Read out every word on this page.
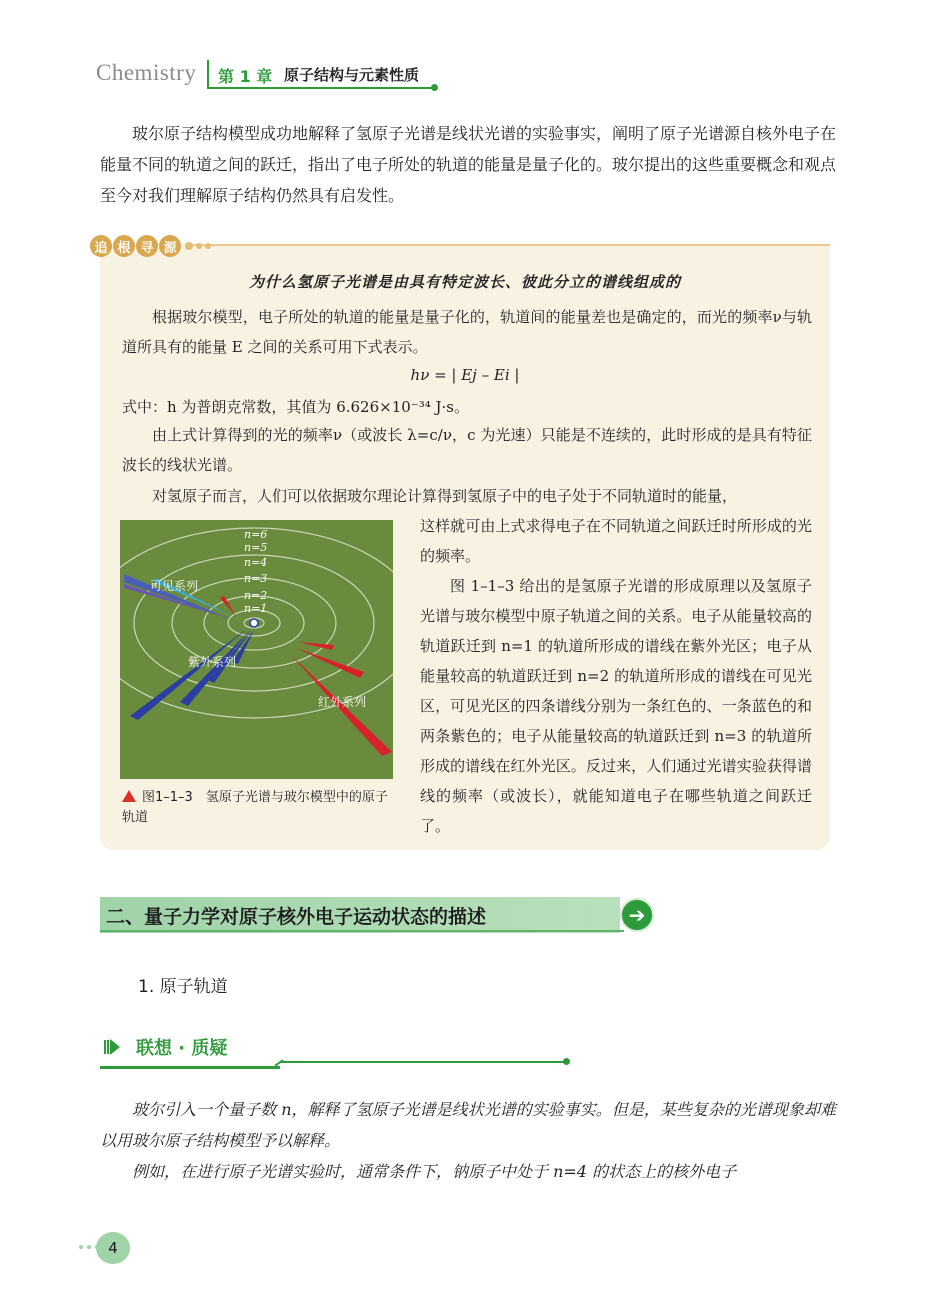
Chemistry 第 1 章 原子结构与元素性质
玻尔原子结构模型成功地解释了氢原子光谱是线状光谱的实验事实，阐明了原子光谱源自核外电子在能量不同的轨道之间的跃迁，指出了电子所处的轨道的能量是量子化的。玻尔提出的这些重要概念和观点至今对我们理解原子结构仍然具有启发性。
追 根 寻 源
为什么氢原子光谱是由具有特定波长、彼此分立的谱线组成的
根据玻尔模型，电子所处的轨道的能量是量子化的，轨道间的能量差也是确定的，而光的频率ν与轨道所具有的能量 E 之间的关系可用下式表示。
hν = | Ej – Ei |
式中：h 为普朗克常数，其值为 6.626×10⁻³⁴ J·s。
由上式计算得到的光的频率ν（或波长 λ=c/ν，c 为光速）只能是不连续的，此时形成的是具有特征波长的线状光谱。
对氢原子而言，人们可以依据玻尔理论计算得到氢原子中的电子处于不同轨道时的能量，
这样就可由上式求得电子在不同轨道之间跃迁时所形成的光的频率。
图 1–1–3 给出的是氢原子光谱的形成原理以及氢原子光谱与玻尔模型中原子轨道之间的关系。电子从能量较高的轨道跃迁到 n=1 的轨道所形成的谱线在紫外光区；电子从能量较高的轨道跃迁到 n=2 的轨道所形成的谱线在可见光区，可见光区的四条谱线分别为一条红色的、一条蓝色的和两条紫色的；电子从能量较高的轨道跃迁到 n=3 的轨道所形成的谱线在红外光区。反过来，人们通过光谱实验获得谱线的频率（或波长），就能知道电子在哪些轨道之间跃迁了。
n=6
n=5
n=4
n=3
n=2
n=1
可见系列
紫外系列
红外系列
图1–1–3　氢原子光谱与玻尔模型中的原子轨道
二、量子力学对原子核外电子运动状态的描述	➔
1. 原子轨道
联想 · 质疑
玻尔引入一个量子数 n，解释了氢原子光谱是线状光谱的实验事实。但是，某些复杂的光谱现象却难以用玻尔原子结构模型予以解释。
例如，在进行原子光谱实验时，通常条件下，钠原子中处于 n=4 的状态上的核外电子
4
